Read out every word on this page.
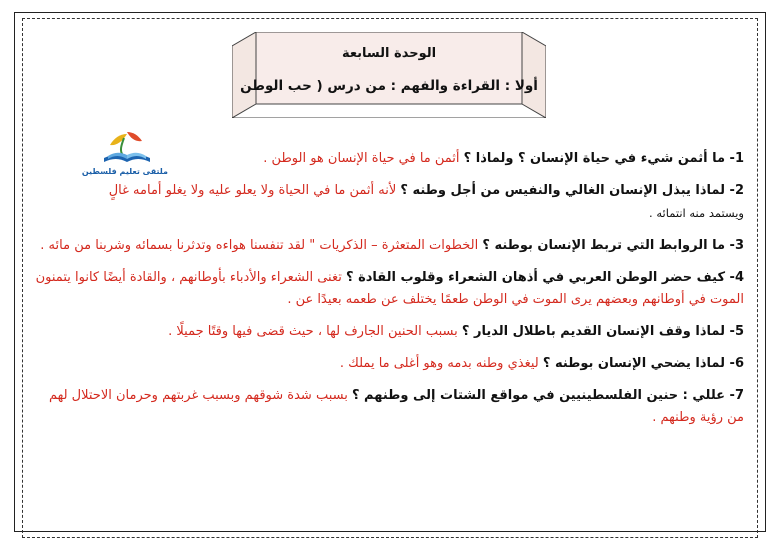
الوحدة السابعة
أولا : القراءة والفهم : من درس ( حب الوطن
ملتقى تعليم فلسطين
1- ما أثمن شيء في حياة الإنسان ؟ ولماذا ؟ أثمن ما في حياة الإنسان هو الوطن .
2- لماذا يبذل الإنسان الغالي والنفيس من أجل وطنه ؟ لأنه أثمن ما في الحياة ولا يعلو عليه ولا يغلو أمامه غالٍ
ويستمد منه انتمائه .
3- ما الروابط التي تربط الإنسان بوطنه ؟ الخطوات المتعثرة – الذكريات " لقد تنفسنا هواءه وتدثرنا بسمائه وشربنا من مائه .
4- كيف حضر الوطن العربي في أذهان الشعراء وقلوب القادة ؟ تغنى الشعراء والأدباء بأوطانهم ، والقادة أيضًا كانوا يتمنون الموت في أوطانهم وبعضهم يرى الموت في الوطن طعمًا يختلف عن طعمه بعيدًا عن .
5- لماذا وقف الإنسان القديم باطلال الديار ؟ بسبب الحنين الجارف لها ، حيث قضى فيها وقتًا جميلًا .
6- لماذا يضحي الإنسان بوطنه ؟ ليغذي وطنه بدمه وهو أغلى ما يملك .
7- عللي : حنين الفلسطينيين في مواقع الشتات إلى وطنهم ؟ بسبب شدة شوقهم وبسبب غربتهم وحرمان الاحتلال لهم من رؤية وطنهم .
